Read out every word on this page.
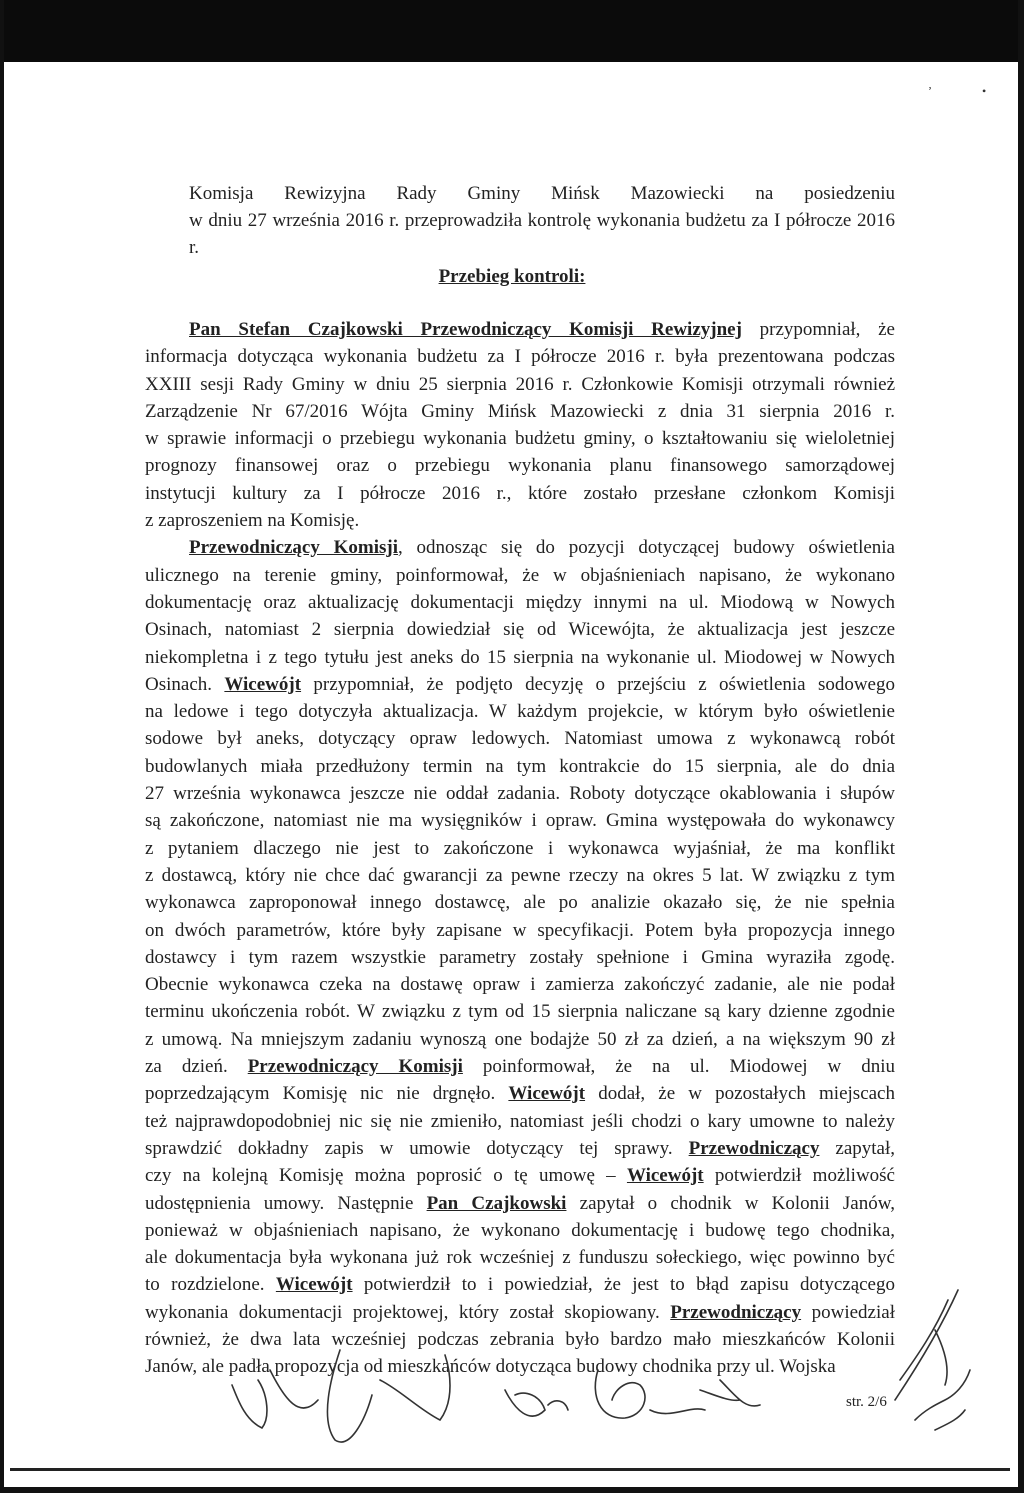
ʼ	•
Komisja Rewizyjna Rady Gminy Mińsk Mazowiecki na posiedzeniu
w dniu 27 września 2016 r. przeprowadziła kontrolę wykonania budżetu za I półrocze 2016 r.
Przebieg kontroli:
Pan Stefan Czajkowski Przewodniczący Komisji Rewizyjnej przypomniał, że
informacja dotycząca wykonania budżetu za I półrocze 2016 r. była prezentowana podczas
XXIII sesji Rady Gminy w dniu 25 sierpnia 2016 r. Członkowie Komisji otrzymali również
Zarządzenie Nr 67/2016 Wójta Gminy Mińsk Mazowiecki z dnia 31 sierpnia 2016 r.
w sprawie informacji o przebiegu wykonania budżetu gminy, o kształtowaniu się wieloletniej
prognozy finansowej oraz o przebiegu wykonania planu finansowego samorządowej
instytucji kultury za I półrocze 2016 r., które zostało przesłane członkom Komisji
z zaproszeniem na Komisję.
Przewodniczący Komisji, odnosząc się do pozycji dotyczącej budowy oświetlenia
ulicznego na terenie gminy, poinformował, że w objaśnieniach napisano, że wykonano
dokumentację oraz aktualizację dokumentacji między innymi na ul. Miodową w Nowych
Osinach, natomiast 2 sierpnia dowiedział się od Wicewójta, że aktualizacja jest jeszcze
niekompletna i z tego tytułu jest aneks do 15 sierpnia na wykonanie ul. Miodowej w Nowych
Osinach. Wicewójt przypomniał, że podjęto decyzję o przejściu z oświetlenia sodowego
na ledowe i tego dotyczyła aktualizacja. W każdym projekcie, w którym było oświetlenie
sodowe był aneks, dotyczący opraw ledowych. Natomiast umowa z wykonawcą robót
budowlanych miała przedłużony termin na tym kontrakcie do 15 sierpnia, ale do dnia
27 września wykonawca jeszcze nie oddał zadania. Roboty dotyczące okablowania i słupów
są zakończone, natomiast nie ma wysięgników i opraw. Gmina występowała do wykonawcy
z pytaniem dlaczego nie jest to zakończone i wykonawca wyjaśniał, że ma konflikt
z dostawcą, który nie chce dać gwarancji za pewne rzeczy na okres 5 lat. W związku z tym
wykonawca zaproponował innego dostawcę, ale po analizie okazało się, że nie spełnia
on dwóch parametrów, które były zapisane w specyfikacji. Potem była propozycja innego
dostawcy i tym razem wszystkie parametry zostały spełnione i Gmina wyraziła zgodę.
Obecnie wykonawca czeka na dostawę opraw i zamierza zakończyć zadanie, ale nie podał
terminu ukończenia robót. W związku z tym od 15 sierpnia naliczane są kary dzienne zgodnie
z umową. Na mniejszym zadaniu wynoszą one bodajże 50 zł za dzień, a na większym 90 zł
za dzień. Przewodniczący Komisji poinformował, że na ul. Miodowej w dniu
poprzedzającym Komisję nic nie drgnęło. Wicewójt dodał, że w pozostałych miejscach
też najprawdopodobniej nic się nie zmieniło, natomiast jeśli chodzi o kary umowne to należy
sprawdzić dokładny zapis w umowie dotyczący tej sprawy. Przewodniczący zapytał,
czy na kolejną Komisję można poprosić o tę umowę – Wicewójt potwierdził możliwość
udostępnienia umowy. Następnie Pan Czajkowski zapytał o chodnik w Kolonii Janów,
ponieważ w objaśnieniach napisano, że wykonano dokumentację i budowę tego chodnika,
ale dokumentacja była wykonana już rok wcześniej z funduszu sołeckiego, więc powinno być
to rozdzielone. Wicewójt potwierdził to i powiedział, że jest to błąd zapisu dotyczącego
wykonania dokumentacji projektowej, który został skopiowany. Przewodniczący powiedział
również, że dwa lata wcześniej podczas zebrania było bardzo mało mieszkańców Kolonii
Janów, ale padła propozycja od mieszkańców dotycząca budowy chodnika przy ul. Wojska
str. 2/6
